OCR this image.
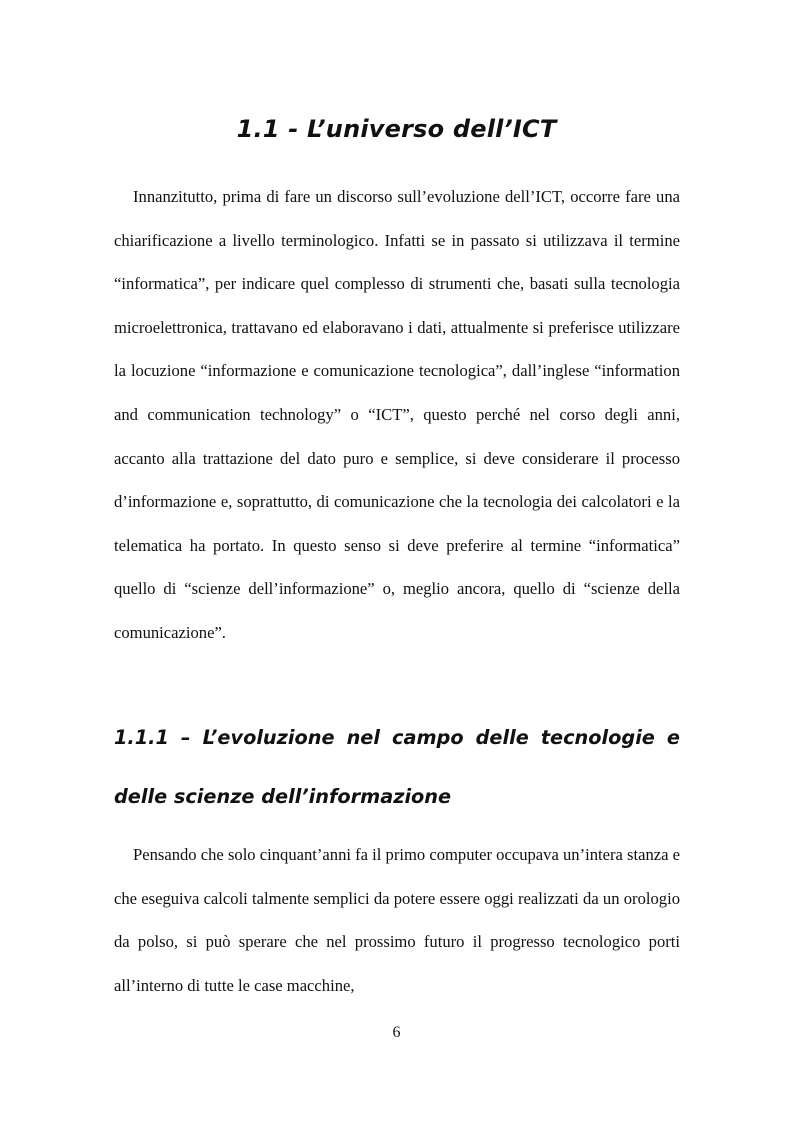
1.1 - L’universo dell’ICT

Innanzitutto, prima di fare un discorso sull’evoluzione dell’ICT, occorre fare una chiarificazione a livello terminologico. Infatti se in passato si utilizzava il termine “informatica”, per indicare quel complesso di strumenti che, basati sulla tecnologia microelettronica, trattavano ed elaboravano i dati, attualmente si preferisce utilizzare la locuzione “informazione e comunicazione tecnologica”, dall’inglese “information and communication technology” o “ICT”, questo perché nel corso degli anni, accanto alla trattazione del dato puro e semplice, si deve considerare il processo d’informazione e, soprattutto, di comunicazione che la tecnologia dei calcolatori e la telematica ha portato. In questo senso si deve preferire al termine “informatica” quello di “scienze dell’informazione” o, meglio ancora, quello di “scienze della comunicazione”.

1.1.1 – L’evoluzione nel campo delle tecnologie e delle scienze dell’informazione

Pensando che solo cinquant’anni fa il primo computer occupava un’intera stanza e che eseguiva calcoli talmente semplici da potere essere oggi realizzati da un orologio da polso, si può sperare che nel prossimo futuro il progresso tecnologico porti all’interno di tutte le case macchine,

6
